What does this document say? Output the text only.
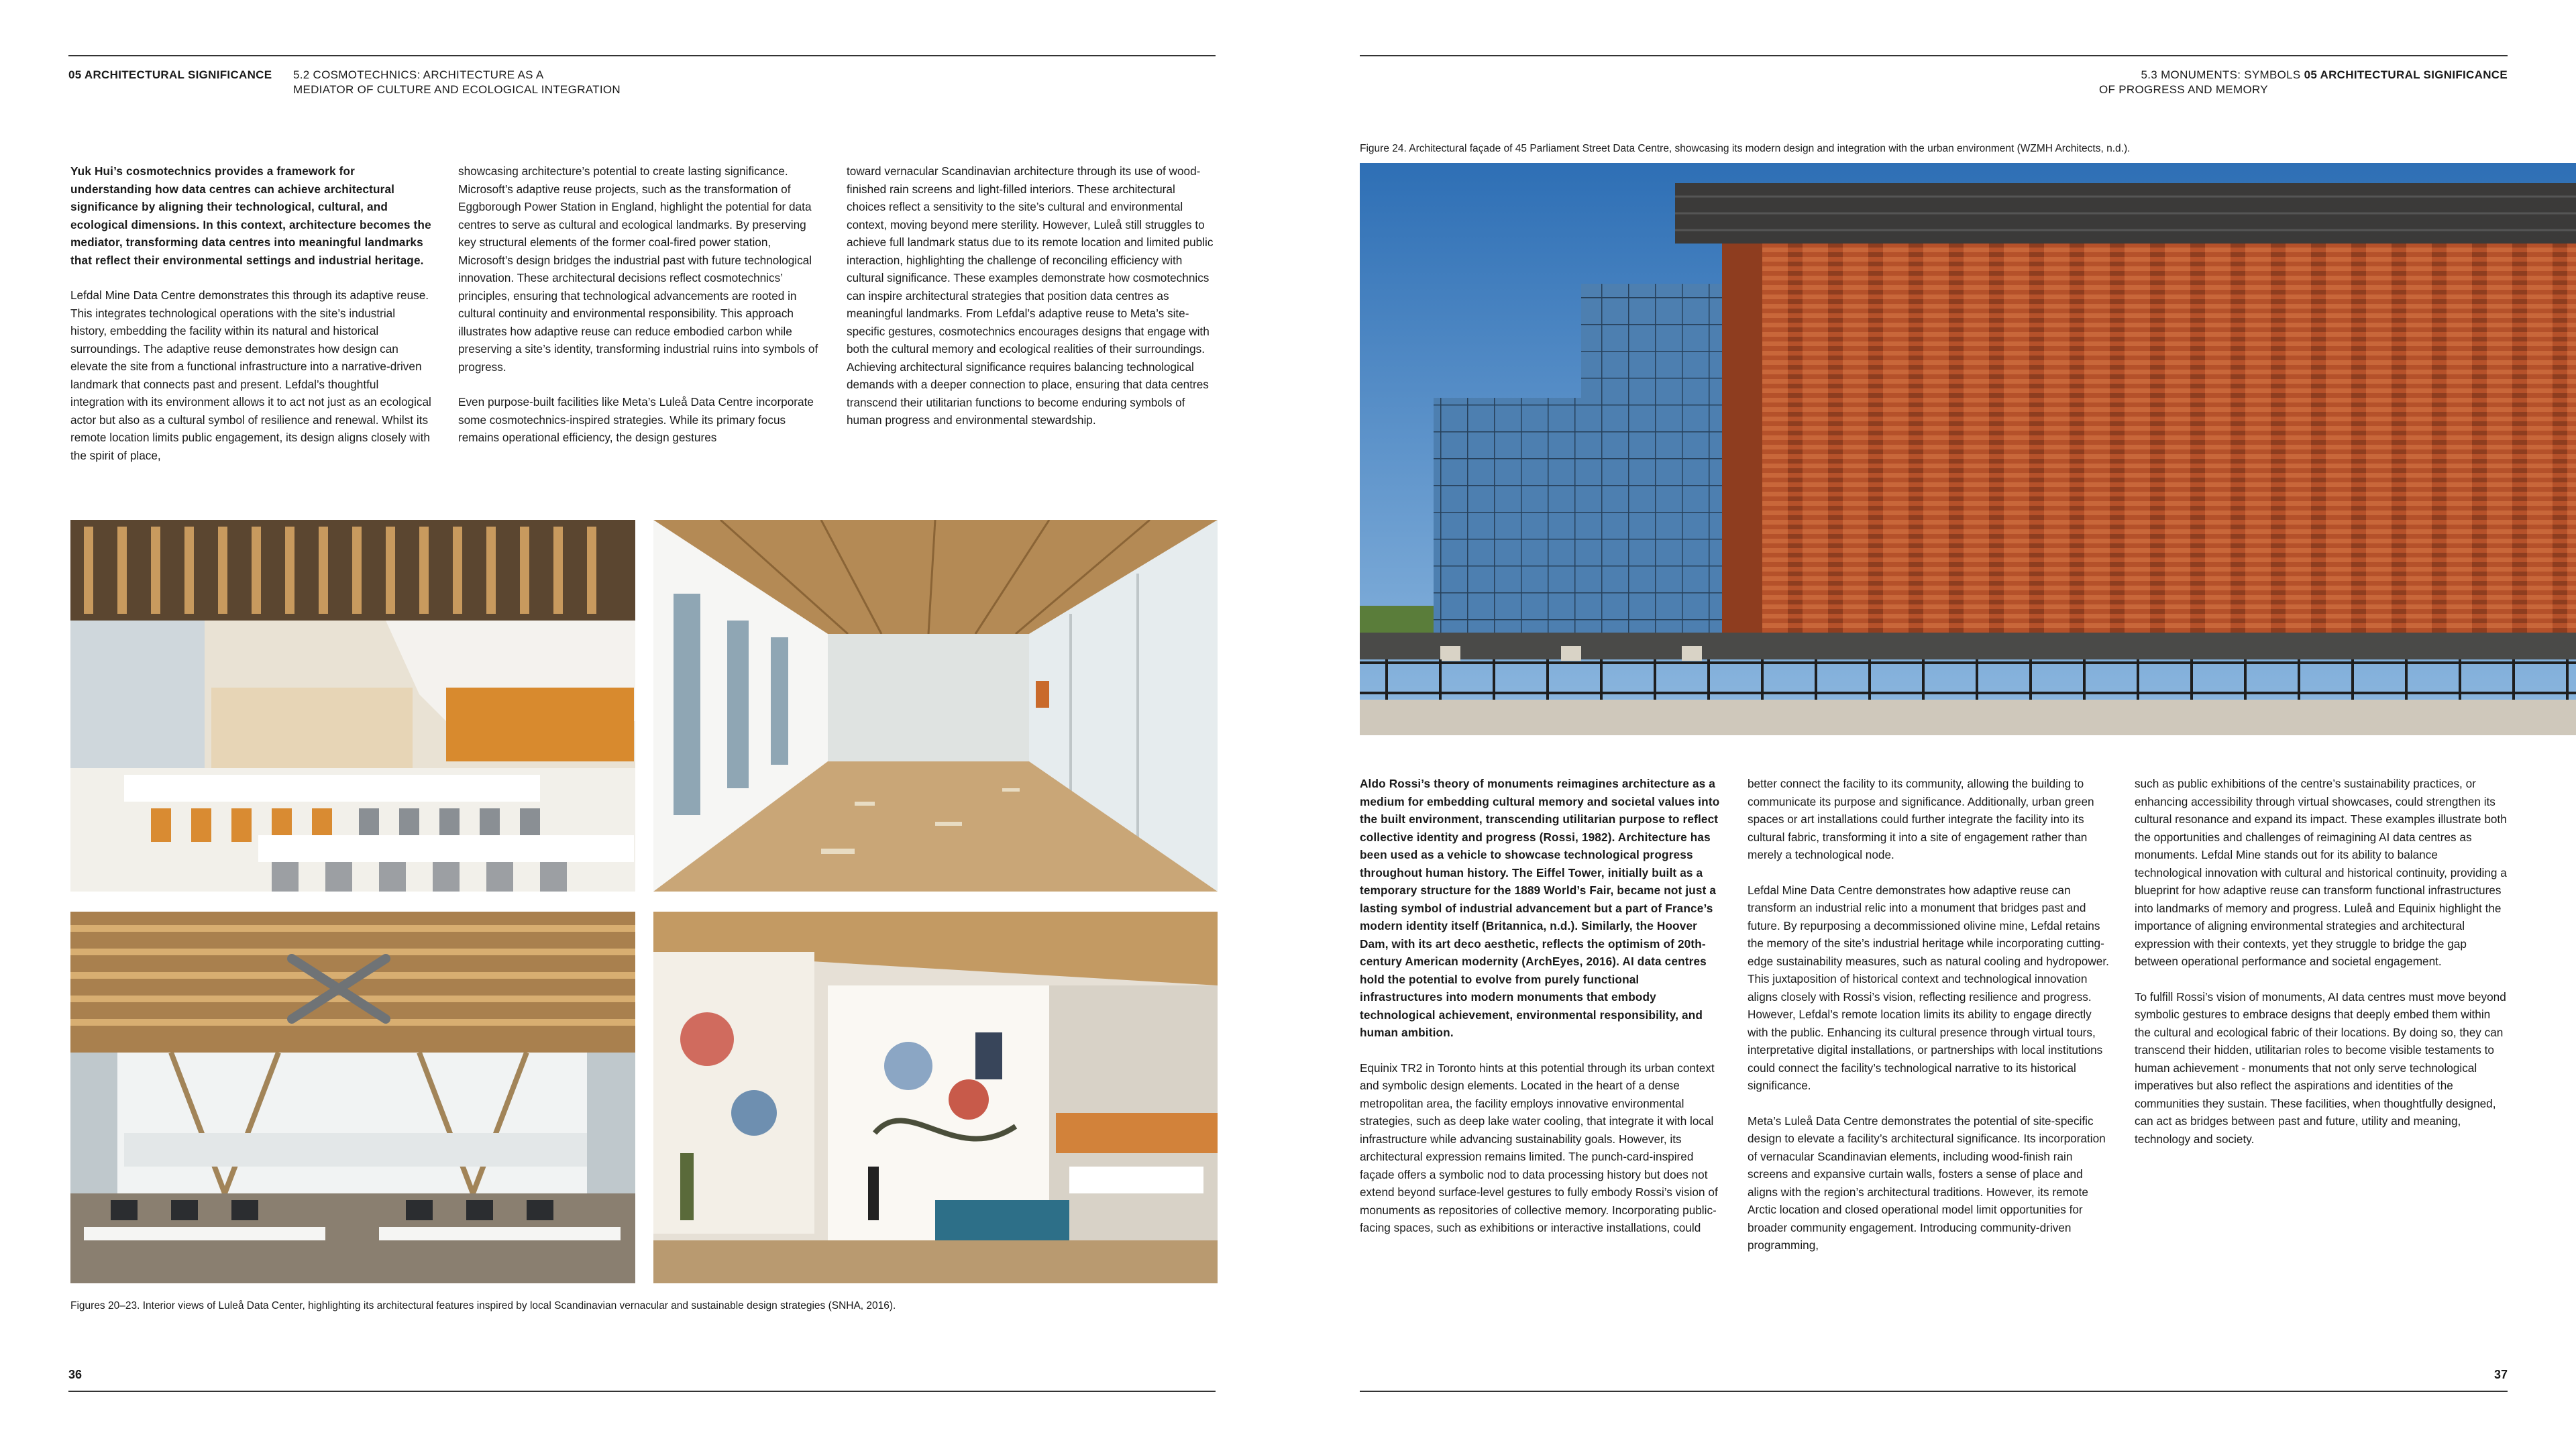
05 ARCHITECTURAL SIGNIFICANCE 5.2 COSMOTECHNICS: ARCHITECTURE AS A
MEDIATOR OF CULTURE AND ECOLOGICAL INTEGRATION

Yuk Hui’s cosmotechnics provides a framework for understanding how data centres can achieve architectural significance by aligning their technological, cultural, and ecological dimensions. In this context, architecture becomes the mediator, transforming data centres into meaningful landmarks that reflect their environmental settings and industrial heritage.

Lefdal Mine Data Centre demonstrates this through its adaptive reuse. This integrates technological operations with the site’s industrial history, embedding the facility within its natural and historical surroundings. The adaptive reuse demonstrates how design can elevate the site from a functional infrastructure into a narrative-driven landmark that connects past and present. Lefdal’s thoughtful integration with its environment allows it to act not just as an ecological actor but also as a cultural symbol of resilience and renewal. Whilst its remote location limits public engagement, its design aligns closely with the spirit of place,

showcasing architecture’s potential to create lasting significance. Microsoft’s adaptive reuse projects, such as the transformation of Eggborough Power Station in England, highlight the potential for data centres to serve as cultural and ecological landmarks. By preserving key structural elements of the former coal-fired power station, Microsoft’s design bridges the industrial past with future technological innovation. These architectural decisions reflect cosmotechnics’ principles, ensuring that technological advancements are rooted in cultural continuity and environmental responsibility. This approach illustrates how adaptive reuse can reduce embodied carbon while preserving a site’s identity, transforming industrial ruins into symbols of progress.

Even purpose-built facilities like Meta’s Luleå Data Centre incorporate some cosmotechnics-inspired strategies. While its primary focus remains operational efficiency, the design gestures

toward vernacular Scandinavian architecture through its use of wood-finished rain screens and light-filled interiors. These architectural choices reflect a sensitivity to the site’s cultural and environmental context, moving beyond mere sterility. However, Luleå still struggles to achieve full landmark status due to its remote location and limited public interaction, highlighting the challenge of reconciling efficiency with cultural significance. These examples demonstrate how cosmotechnics can inspire architectural strategies that position data centres as meaningful landmarks. From Lefdal’s adaptive reuse to Meta’s site-specific gestures, cosmotechnics encourages designs that engage with both the cultural memory and ecological realities of their surroundings. Achieving architectural significance requires balancing technological demands with a deeper connection to place, ensuring that data centres transcend their utilitarian functions to become enduring symbols of human progress and environmental stewardship.

Figures 20–23. Interior views of Luleå Data Center, highlighting its architectural features inspired by local Scandinavian vernacular and sustainable design strategies (SNHA, 2016).
36
5.3 MONUMENTS: SYMBOLS 05 ARCHITECTURAL SIGNIFICANCE
OF PROGRESS AND MEMORY
Figure 24. Architectural façade of 45 Parliament Street Data Centre, showcasing its modern design and integration with the urban environment (WZMH Architects, n.d.).

Aldo Rossi’s theory of monuments reimagines architecture as a medium for embedding cultural memory and societal values into the built environment, transcending utilitarian purpose to reflect collective identity and progress (Rossi, 1982). Architecture has been used as a vehicle to showcase technological progress throughout human history. The Eiffel Tower, initially built as a temporary structure for the 1889 World’s Fair, became not just a lasting symbol of industrial advancement but a part of France’s modern identity itself (Britannica, n.d.). Similarly, the Hoover Dam, with its art deco aesthetic, reflects the optimism of 20th-century American modernity (ArchEyes, 2016). AI data centres hold the potential to evolve from purely functional infrastructures into modern monuments that embody technological achievement, environmental responsibility, and human ambition.

Equinix TR2 in Toronto hints at this potential through its urban context and symbolic design elements. Located in the heart of a dense metropolitan area, the facility employs innovative environmental strategies, such as deep lake water cooling, that integrate it with local infrastructure while advancing sustainability goals. However, its architectural expression remains limited. The punch-card-inspired façade offers a symbolic nod to data processing history but does not extend beyond surface-level gestures to fully embody Rossi’s vision of monuments as repositories of collective memory. Incorporating public-facing spaces, such as exhibitions or interactive installations, could

better connect the facility to its community, allowing the building to communicate its purpose and significance. Additionally, urban green spaces or art installations could further integrate the facility into its cultural fabric, transforming it into a site of engagement rather than merely a technological node.

Lefdal Mine Data Centre demonstrates how adaptive reuse can transform an industrial relic into a monument that bridges past and future. By repurposing a decommissioned olivine mine, Lefdal retains the memory of the site’s industrial heritage while incorporating cutting-edge sustainability measures, such as natural cooling and hydropower. This juxtaposition of historical context and technological innovation aligns closely with Rossi’s vision, reflecting resilience and progress. However, Lefdal’s remote location limits its ability to engage directly with the public. Enhancing its cultural presence through virtual tours, interpretative digital installations, or partnerships with local institutions could connect the facility’s technological narrative to its historical significance.

Meta’s Luleå Data Centre demonstrates the potential of site-specific design to elevate a facility’s architectural significance. Its incorporation of vernacular Scandinavian elements, including wood-finish rain screens and expansive curtain walls, fosters a sense of place and aligns with the region’s architectural traditions. However, its remote Arctic location and closed operational model limit opportunities for broader community engagement. Introducing community-driven programming,

such as public exhibitions of the centre’s sustainability practices, or enhancing accessibility through virtual showcases, could strengthen its cultural resonance and expand its impact. These examples illustrate both the opportunities and challenges of reimagining AI data centres as monuments. Lefdal Mine stands out for its ability to balance technological innovation with cultural and historical continuity, providing a blueprint for how adaptive reuse can transform functional infrastructures into landmarks of memory and progress. Luleå and Equinix highlight the importance of aligning environmental strategies and architectural expression with their contexts, yet they struggle to bridge the gap between operational performance and societal engagement.

To fulfill Rossi’s vision of monuments, AI data centres must move beyond symbolic gestures to embrace designs that deeply embed them within the cultural and ecological fabric of their locations. By doing so, they can transcend their hidden, utilitarian roles to become visible testaments to human achievement - monuments that not only serve technological imperatives but also reflect the aspirations and identities of the communities they sustain. These facilities, when thoughtfully designed, can act as bridges between past and future, utility and meaning, technology and society.

37
